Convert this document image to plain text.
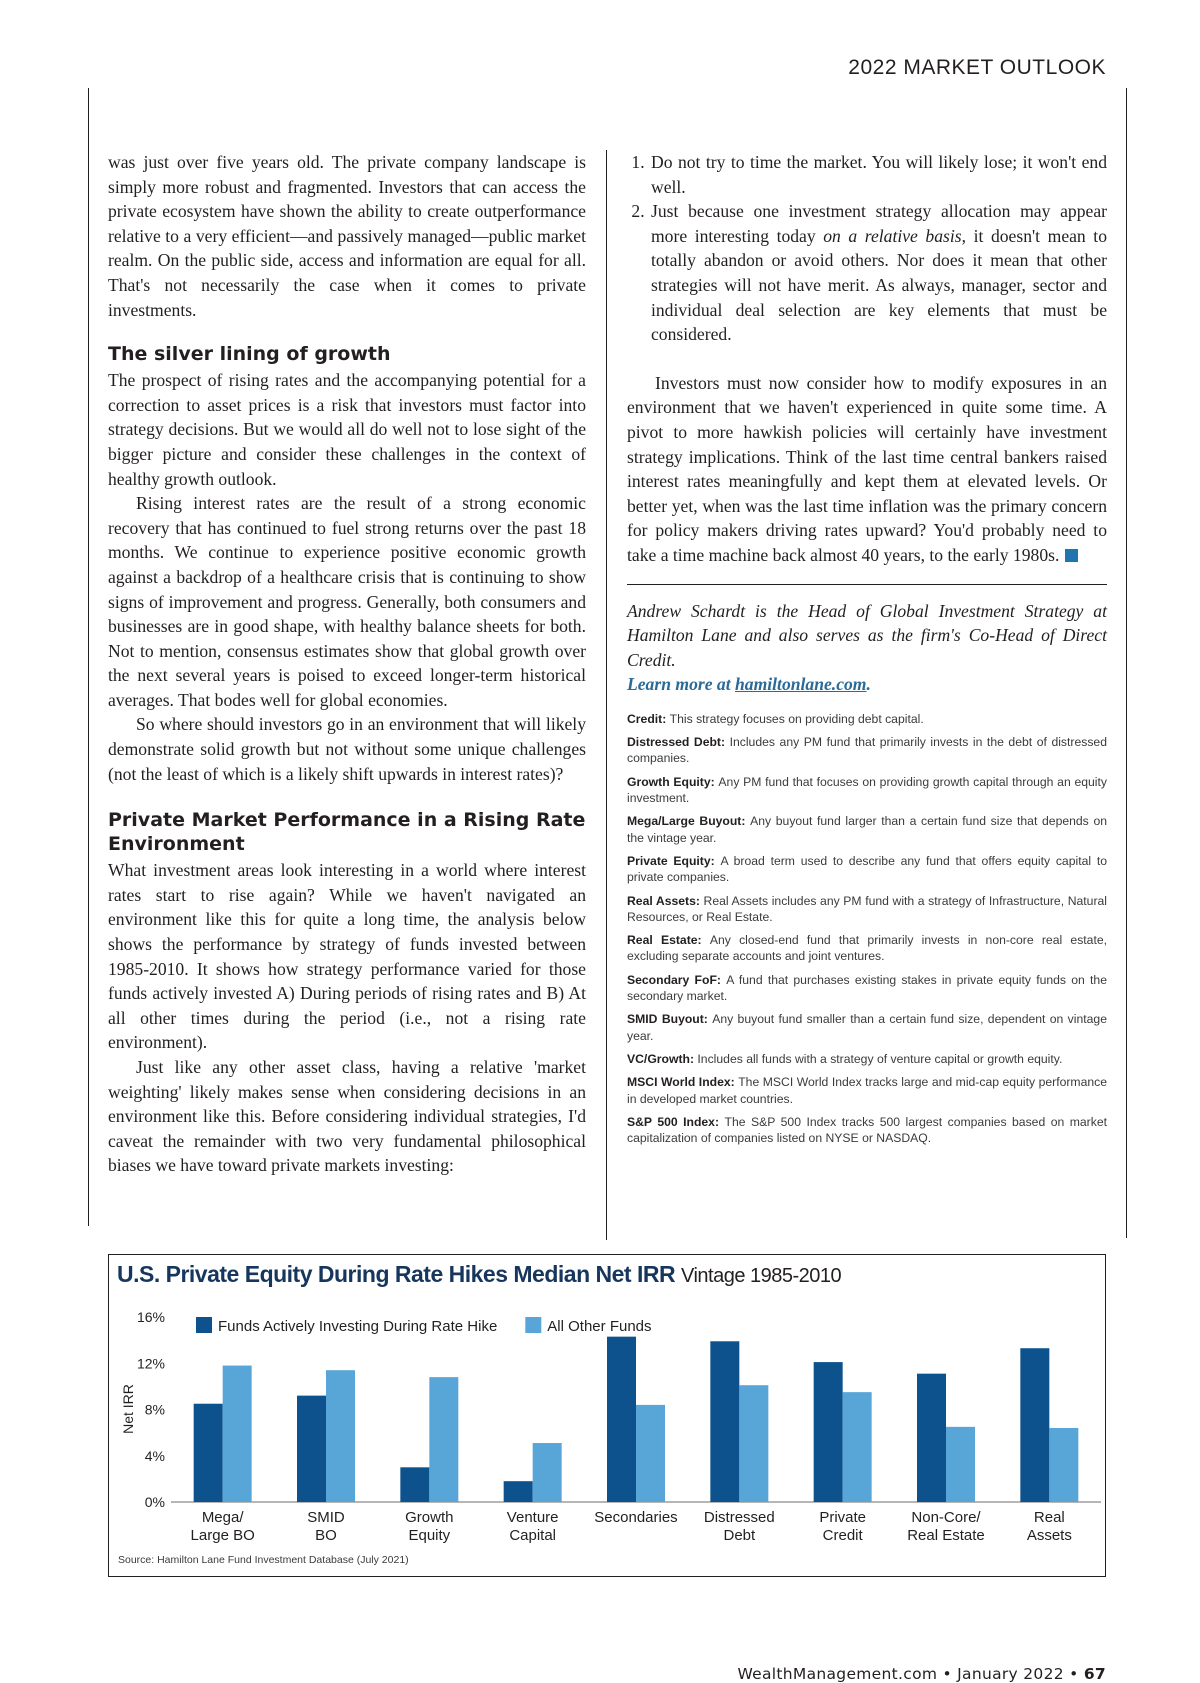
2022 MARKET OUTLOOK

was just over five years old. The private company landscape is simply more robust and fragmented. Investors that can access the private ecosystem have shown the ability to create outperformance relative to a very efficient—and passively managed—public market realm. On the public side, access and information are equal for all. That's not necessarily the case when it comes to private investments.

The silver lining of growth

The prospect of rising rates and the accompanying potential for a correction to asset prices is a risk that investors must factor into strategy decisions. But we would all do well not to lose sight of the bigger picture and consider these challenges in the context of healthy growth outlook.

Rising interest rates are the result of a strong economic recovery that has continued to fuel strong returns over the past 18 months. We continue to experience positive economic growth against a backdrop of a healthcare crisis that is continuing to show signs of improvement and progress. Generally, both consumers and businesses are in good shape, with healthy balance sheets for both. Not to mention, consensus estimates show that global growth over the next several years is poised to exceed longer-term historical averages. That bodes well for global economies.

So where should investors go in an environment that will likely demonstrate solid growth but not without some unique challenges (not the least of which is a likely shift upwards in interest rates)?

Private Market Performance in a Rising Rate Environment

What investment areas look interesting in a world where interest rates start to rise again? While we haven't navigated an environment like this for quite a long time, the analysis below shows the performance by strategy of funds invested between 1985-2010. It shows how strategy performance varied for those funds actively invested A) During periods of rising rates and B) At all other times during the period (i.e., not a rising rate environment).

Just like any other asset class, having a relative 'market weighting' likely makes sense when considering decisions in an environment like this. Before considering individual strategies, I'd caveat the remainder with two very fundamental philosophical biases we have toward private markets investing:

1. Do not try to time the market. You will likely lose; it won't end well.
2. Just because one investment strategy allocation may appear more interesting today on a relative basis, it doesn't mean to totally abandon or avoid others. Nor does it mean that other strategies will not have merit. As always, manager, sector and individual deal selection are key elements that must be considered.

Investors must now consider how to modify exposures in an environment that we haven't experienced in quite some time. A pivot to more hawkish policies will certainly have investment strategy implications. Think of the last time central bankers raised interest rates meaningfully and kept them at elevated levels. Or better yet, when was the last time inflation was the primary concern for policy makers driving rates upward? You'd probably need to take a time machine back almost 40 years, to the early 1980s.

Andrew Schardt is the Head of Global Investment Strategy at Hamilton Lane and also serves as the firm's Co-Head of Direct Credit.

Learn more at hamiltonlane.com.

Credit: This strategy focuses on providing debt capital.
Distressed Debt: Includes any PM fund that primarily invests in the debt of distressed companies.
Growth Equity: Any PM fund that focuses on providing growth capital through an equity investment.
Mega/Large Buyout: Any buyout fund larger than a certain fund size that depends on the vintage year.
Private Equity: A broad term used to describe any fund that offers equity capital to private companies.
Real Assets: Real Assets includes any PM fund with a strategy of Infrastructure, Natural Resources, or Real Estate.
Real Estate: Any closed-end fund that primarily invests in non-core real estate, excluding separate accounts and joint ventures.
Secondary FoF: A fund that purchases existing stakes in private equity funds on the secondary market.
SMID Buyout: Any buyout fund smaller than a certain fund size, dependent on vintage year.
VC/Growth: Includes all funds with a strategy of venture capital or growth equity.
MSCI World Index: The MSCI World Index tracks large and mid-cap equity performance in developed market countries.
S&P 500 Index: The S&P 500 Index tracks 500 largest companies based on market capitalization of companies listed on NYSE or NASDAQ.
U.S. Private Equity During Rate Hikes Median Net IRR Vintage 1985-2010
0%
4%
8%
12%
16%
Net IRR
Funds Actively Investing During Rate Hike	All Other Funds
Mega/
Large BO
SMID
BO
Growth
Equity
Venture
Capital
Secondaries Distressed
Debt
Private
Credit
Non-Core/
Real Estate
Real
Assets
Source: Hamilton Lane Fund Investment Database (July 2021)
WealthManagement.com • January 2022 • 67
